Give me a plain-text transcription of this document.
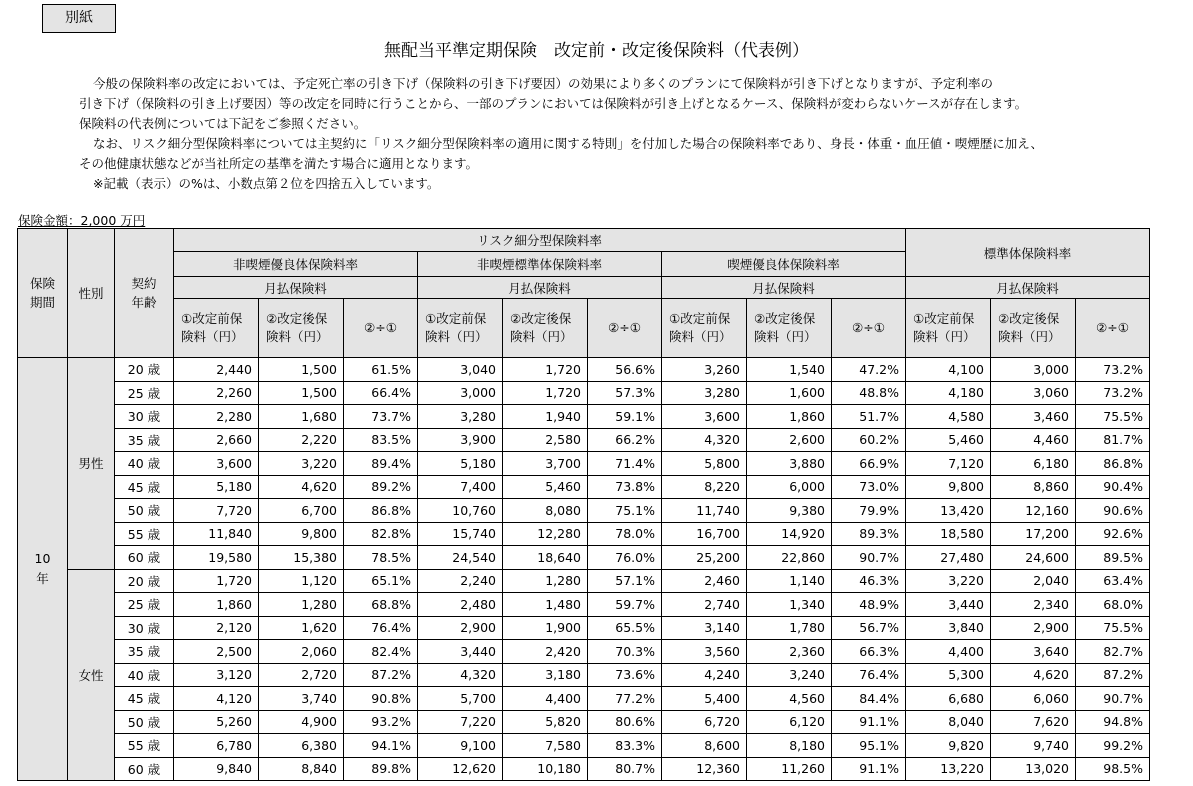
別紙
無配当平準定期保険　改定前・改定後保険料（代表例）

今般の保険料率の改定においては、予定死亡率の引き下げ（保険料の引き下げ要因）の効果により多くのプランにて保険料が引き下げとなりますが、予定利率の

引き下げ（保険料の引き上げ要因）等の改定を同時に行うことから、一部のプランにおいては保険料が引き上げとなるケース、保険料が変わらないケースが存在します。

保険料の代表例については下記をご参照ください。

なお、リスク細分型保険料率については主契約に「リスク細分型保険料率の適用に関する特則」を付加した場合の保険料率であり、身長・体重・血圧値・喫煙歴に加え、

その他健康状態などが当社所定の基準を満たす場合に適用となります。

※記載（表示）の%は、小数点第２位を四捨五入しています。

保険金額：2,000 万円
保険期間	性別	契約年齢	リスク細分型保険料率									標準体保険料率		
			非喫煙優良体保険料率			非喫煙標準体保険料率			喫煙優良体保険料率					
			月払保険料			月払保険料			月払保険料			月払保険料		
			①改定前保険料（円）	②改定後保険料（円）	②÷①	①改定前保険料（円）	②改定後保険料（円）	②÷①	①改定前保険料（円）	②改定後保険料（円）	②÷①	①改定前保険料（円）	②改定後保険料（円）	②÷①
10年	男性	20 歳	2,440	1,500	61.5%	3,040	1,720	56.6%	3,260	1,540	47.2%	4,100	3,000	73.2%
		25 歳	2,260	1,500	66.4%	3,000	1,720	57.3%	3,280	1,600	48.8%	4,180	3,060	73.2%
		30 歳	2,280	1,680	73.7%	3,280	1,940	59.1%	3,600	1,860	51.7%	4,580	3,460	75.5%
		35 歳	2,660	2,220	83.5%	3,900	2,580	66.2%	4,320	2,600	60.2%	5,460	4,460	81.7%
		40 歳	3,600	3,220	89.4%	5,180	3,700	71.4%	5,800	3,880	66.9%	7,120	6,180	86.8%
		45 歳	5,180	4,620	89.2%	7,400	5,460	73.8%	8,220	6,000	73.0%	9,800	8,860	90.4%
		50 歳	7,720	6,700	86.8%	10,760	8,080	75.1%	11,740	9,380	79.9%	13,420	12,160	90.6%
		55 歳	11,840	9,800	82.8%	15,740	12,280	78.0%	16,700	14,920	89.3%	18,580	17,200	92.6%
		60 歳	19,580	15,380	78.5%	24,540	18,640	76.0%	25,200	22,860	90.7%	27,480	24,600	89.5%
	女性	20 歳	1,720	1,120	65.1%	2,240	1,280	57.1%	2,460	1,140	46.3%	3,220	2,040	63.4%
		25 歳	1,860	1,280	68.8%	2,480	1,480	59.7%	2,740	1,340	48.9%	3,440	2,340	68.0%
		30 歳	2,120	1,620	76.4%	2,900	1,900	65.5%	3,140	1,780	56.7%	3,840	2,900	75.5%
		35 歳	2,500	2,060	82.4%	3,440	2,420	70.3%	3,560	2,360	66.3%	4,400	3,640	82.7%
		40 歳	3,120	2,720	87.2%	4,320	3,180	73.6%	4,240	3,240	76.4%	5,300	4,620	87.2%
		45 歳	4,120	3,740	90.8%	5,700	4,400	77.2%	5,400	4,560	84.4%	6,680	6,060	90.7%
		50 歳	5,260	4,900	93.2%	7,220	5,820	80.6%	6,720	6,120	91.1%	8,040	7,620	94.8%
		55 歳	6,780	6,380	94.1%	9,100	7,580	83.3%	8,600	8,180	95.1%	9,820	9,740	99.2%
		60 歳	9,840	8,840	89.8%	12,620	10,180	80.7%	12,360	11,260	91.1%	13,220	13,020	98.5%
